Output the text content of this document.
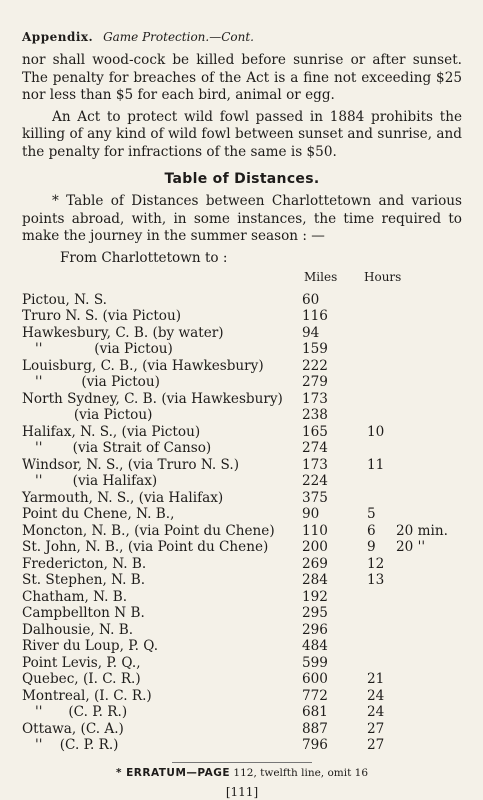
Appendix. Game Protection.—Cont.

nor shall wood-cock be killed before sunrise or after sunset. The penalty for breaches of the Act is a fine not exceeding $25 nor less than $5 for each bird, animal or egg.

An Act to protect wild fowl passed in 1884 prohibits the killing of any kind of wild fowl between sunset and sunrise, and the penalty for infractions of the same is $50.

Table of Distances.

* Table of Distances between Charlottetown and various points abroad, with, in some instances, the time required to make the journey in the summer season : —

From Charlottetown to :
Miles Hours
Pictou, N. S.	60
Truro N. S. (via Pictou)	116
Hawkesbury, C. B. (by water)	94
''            (via Pictou)	159
Louisburg, C. B., (via Hawkesbury)	222
''         (via Pictou)	279
North Sydney, C. B. (via Hawkesbury) 173
(via Pictou)	238
Halifax, N. S., (via Pictou)	165	10
''       (via Strait of Canso)	274
Windsor, N. S., (via Truro N. S.)	173	11
''       (via Halifax)	224
Yarmouth, N. S., (via Halifax)	375
Point du Chene, N. B.,	90	5
Moncton, N. B., (via Point du Chene) 110	6 20 min.
St. John, N. B., (via Point du Chene) 200	9 20 ''
Fredericton, N. B.	269	12
St. Stephen, N. B.	284	13
Chatham, N. B.	192
Campbellton N B.	295
Dalhousie, N. B.	296
River du Loup, P. Q.	484
Point Levis, P. Q.,	599
Quebec, (I. C. R.)	600	21
Montreal, (I. C. R.)	772	24
''      (C. P. R.)	681	24
Ottawa, (C. A.)	887	27
''    (C. P. R.)	796	27
* ERRATUM—PAGE 112, twelfth line, omit 16
[111]
